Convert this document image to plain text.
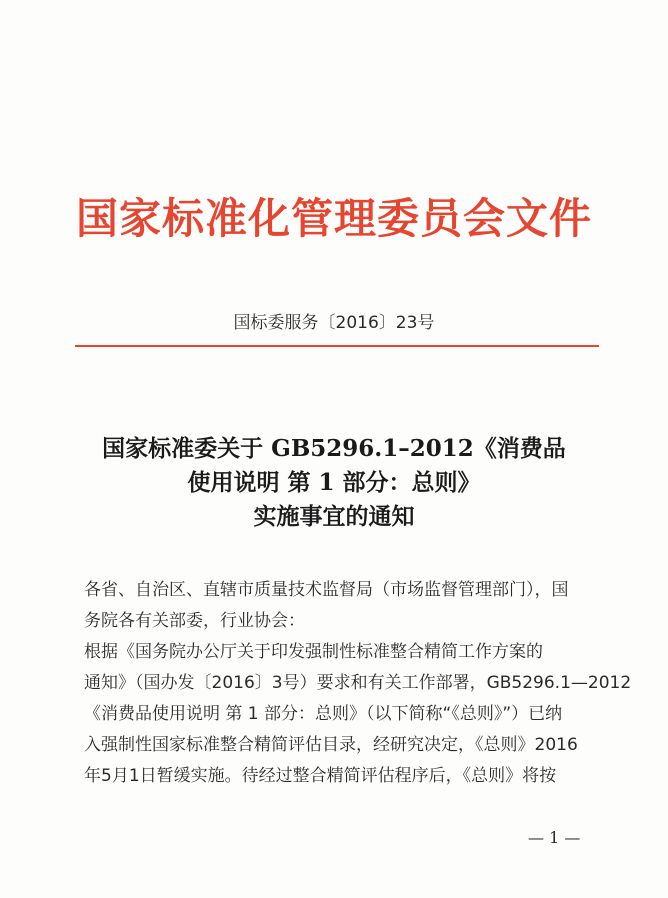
国家标准化管理委员会文件
国标委服务〔2016〕23号
国家标准委关于 GB5296.1–2012《消费品
使用说明 第 1 部分：总则》
实施事宜的通知
各省、自治区、直辖市质量技术监督局（市场监督管理部门），国
务院各有关部委，行业协会：
根据《国务院办公厅关于印发强制性标准整合精简工作方案的
通知》（国办发〔2016〕3号）要求和有关工作部署，GB5296.1—2012
《消费品使用说明 第 1 部分：总则》（以下简称“《总则》”）已纳
入强制性国家标准整合精简评估目录，经研究决定，《总则》2016
年5月1日暂缓实施。待经过整合精简评估程序后，《总则》将按
— 1 —
